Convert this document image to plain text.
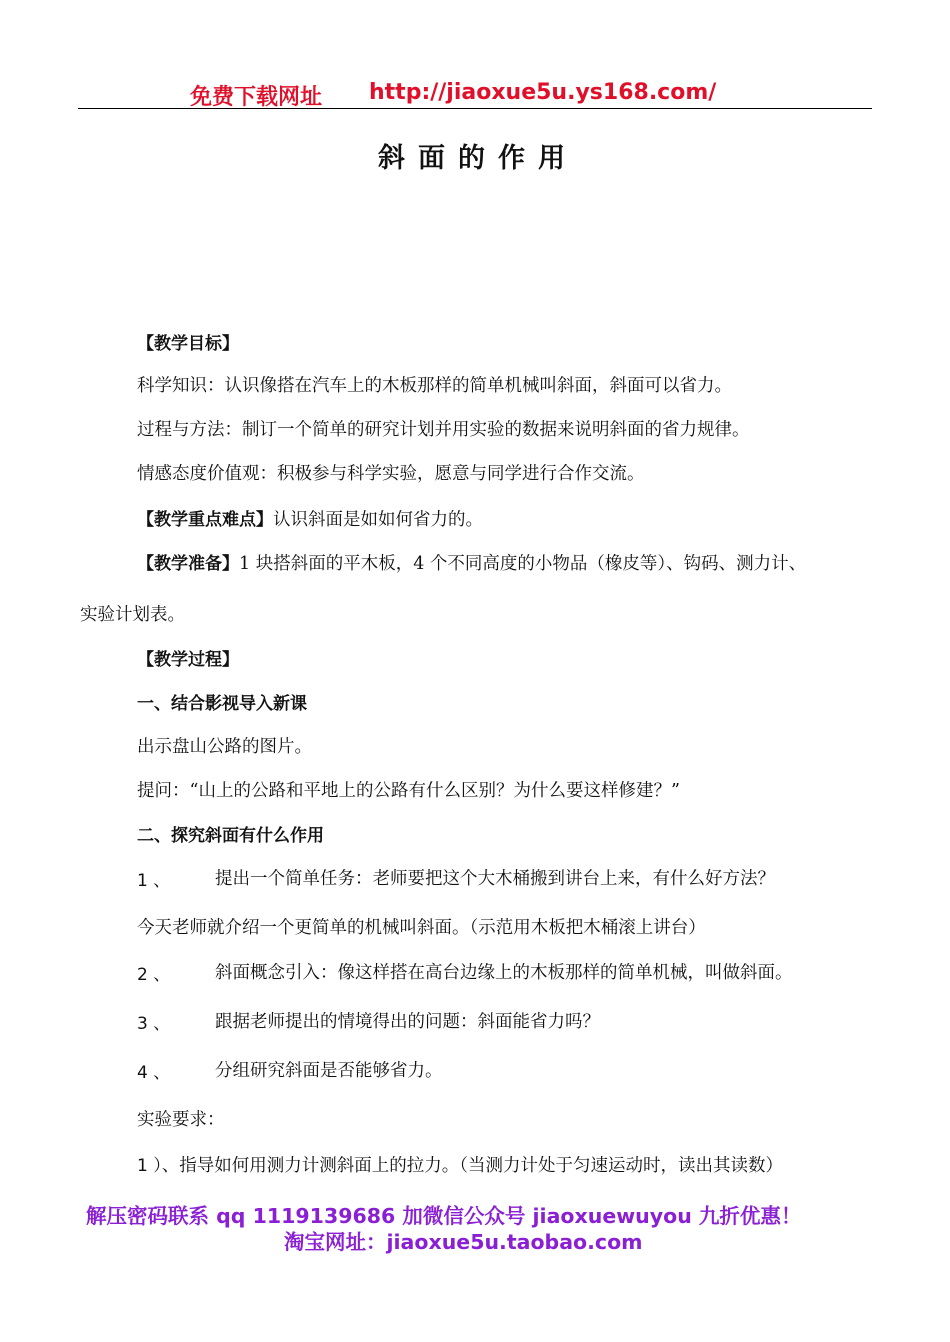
免费下载网址 http://jiaoxue5u.ys168.com/
斜面的作用
【教学目标】
科学知识：认识像搭在汽车上的木板那样的简单机械叫斜面，斜面可以省力。
过程与方法：制订一个简单的研究计划并用实验的数据来说明斜面的省力规律。
情感态度价值观：积极参与科学实验，愿意与同学进行合作交流。
【教学重点难点】认识斜面是如如何省力的。
【教学准备】1 块搭斜面的平木板，4 个不同高度的小物品（橡皮等）、钩码、测力计、
实验计划表。
【教学过程】
一、结合影视导入新课
出示盘山公路的图片。
提问：“山上的公路和平地上的公路有什么区别？为什么要这样修建？”
二、探究斜面有什么作用
1 、	提出一个简单任务：老师要把这个大木桶搬到讲台上来，有什么好方法？
今天老师就介绍一个更简单的机械叫斜面。（示范用木板把木桶滚上讲台）
2 、	斜面概念引入：像这样搭在高台边缘上的木板那样的简单机械，叫做斜面。
3 、	跟据老师提出的情境得出的问题：斜面能省力吗？
4 、	分组研究斜面是否能够省力。
实验要求：
1 ）、指导如何用测力计测斜面上的拉力。（当测力计处于匀速运动时，读出其读数）
解压密码联系 qq 1119139686 加微信公众号 jiaoxuewuyou 九折优惠！
淘宝网址：jiaoxue5u.taobao.com
